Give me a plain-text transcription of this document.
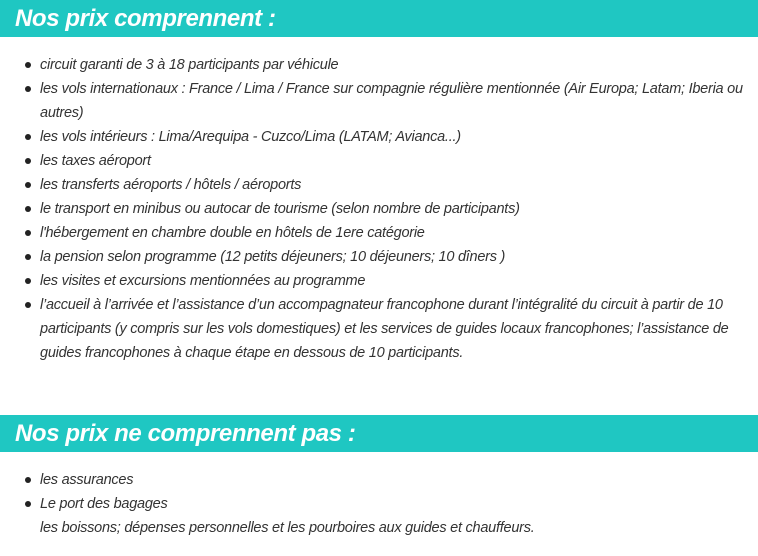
Nos prix comprennent :
circuit garanti de 3 à 18 participants par véhicule
les vols internationaux : France / Lima / France sur compagnie régulière mentionnée (Air Europa; Latam; Iberia ou autres)
les vols intérieurs : Lima/Arequipa - Cuzco/Lima (LATAM; Avianca...)
les taxes aéroport
les transferts aéroports / hôtels / aéroports
le transport en minibus ou autocar de tourisme (selon nombre de participants)
l'hébergement en chambre double en hôtels de 1ere catégorie
la pension selon programme (12 petits déjeuners; 10 déjeuners; 10 dîners )
les visites et excursions mentionnées au programme
l’accueil à l’arrivée et l’assistance d’un accompagnateur francophone durant l’intégralité du circuit à partir de 10 participants (y compris sur les vols domestiques) et les services de guides locaux francophones; l’assistance de guides francophones à chaque étape en dessous de 10 participants.
Nos prix ne comprennent pas :
les assurances
Le port des bagages
les boissons; dépenses personnelles et les pourboires aux guides et chauffeurs.
